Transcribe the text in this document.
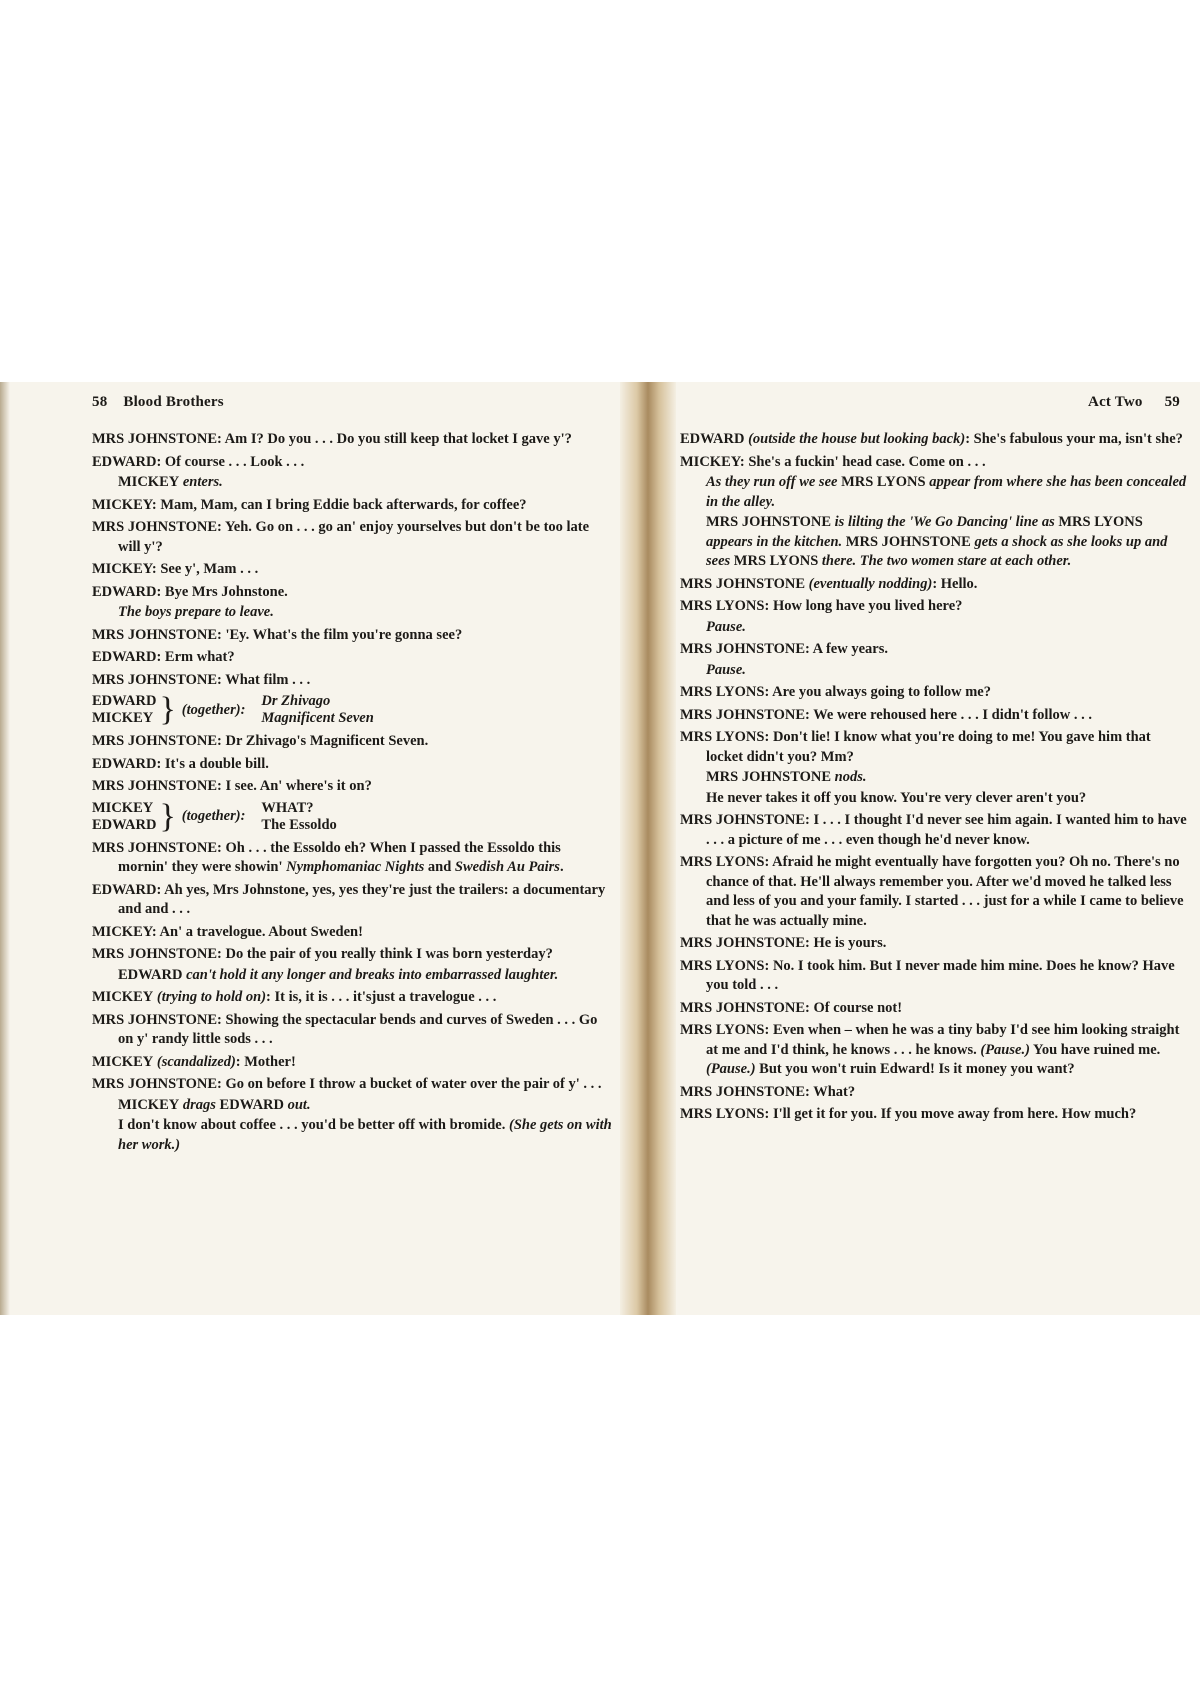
58 Blood Brothers

MRS JOHNSTONE: Am I? Do you . . . Do you still keep that locket I gave y'?

EDWARD: Of course . . . Look . . .

MICKEY enters.

MICKEY: Mam, Mam, can I bring Eddie back afterwards, for coffee?

MRS JOHNSTONE: Yeh. Go on . . . go an' enjoy yourselves but don't be too late will y'?

MICKEY: See y', Mam . . .

EDWARD: Bye Mrs Johnstone.

The boys prepare to leave.

MRS JOHNSTONE: 'Ey. What's the film you're gonna see?

EDWARD: Erm what?

MRS JOHNSTONE: What film . . .

EDWARD
MICKEY } (together):
Dr Zhivago
Magnificent Seven

MRS JOHNSTONE: Dr Zhivago's Magnificent Seven.

EDWARD: It's a double bill.

MRS JOHNSTONE: I see. An' where's it on?

MICKEY
EDWARD } (together):
WHAT?
The Essoldo

MRS JOHNSTONE: Oh . . . the Essoldo eh? When I passed the Essoldo this mornin' they were showin' Nymphomaniac Nights and Swedish Au Pairs.

EDWARD: Ah yes, Mrs Johnstone, yes, yes they're just the trailers: a documentary and and . . .

MICKEY: An' a travelogue. About Sweden!

MRS JOHNSTONE: Do the pair of you really think I was born yesterday?

EDWARD can't hold it any longer and breaks into embarrassed laughter.

MICKEY (trying to hold on): It is, it is . . . it'sjust a travelogue . . .

MRS JOHNSTONE: Showing the spectacular bends and curves of Sweden . . . Go on y' randy little sods . . .

MICKEY (scandalized): Mother!

MRS JOHNSTONE: Go on before I throw a bucket of water over the pair of y' . . .

MICKEY drags EDWARD out.

I don't know about coffee . . . you'd be better off with bromide. (She gets on with her work.)

Act Two 59

EDWARD (outside the house but looking back): She's fabulous your ma, isn't she?

MICKEY: She's a fuckin' head case. Come on . . .

As they run off we see MRS LYONS appear from where she has been concealed in the alley.

MRS JOHNSTONE is lilting the 'We Go Dancing' line as MRS LYONS appears in the kitchen. MRS JOHNSTONE gets a shock as she looks up and sees MRS LYONS there. The two women stare at each other.

MRS JOHNSTONE (eventually nodding): Hello.

MRS LYONS: How long have you lived here?

Pause.

MRS JOHNSTONE: A few years.

Pause.

MRS LYONS: Are you always going to follow me?

MRS JOHNSTONE: We were rehoused here . . . I didn't follow . . .

MRS LYONS: Don't lie! I know what you're doing to me! You gave him that locket didn't you? Mm?

MRS JOHNSTONE nods.

He never takes it off you know. You're very clever aren't you?

MRS JOHNSTONE: I . . . I thought I'd never see him again. I wanted him to have . . . a picture of me . . . even though he'd never know.

MRS LYONS: Afraid he might eventually have forgotten you? Oh no. There's no chance of that. He'll always remember you. After we'd moved he talked less and less of you and your family. I started . . . just for a while I came to believe that he was actually mine.

MRS JOHNSTONE: He is yours.

MRS LYONS: No. I took him. But I never made him mine. Does he know? Have you told . . .

MRS JOHNSTONE: Of course not!

MRS LYONS: Even when – when he was a tiny baby I'd see him looking straight at me and I'd think, he knows . . . he knows. (Pause.) You have ruined me. (Pause.) But you won't ruin Edward! Is it money you want?

MRS JOHNSTONE: What?

MRS LYONS: I'll get it for you. If you move away from here. How much?
